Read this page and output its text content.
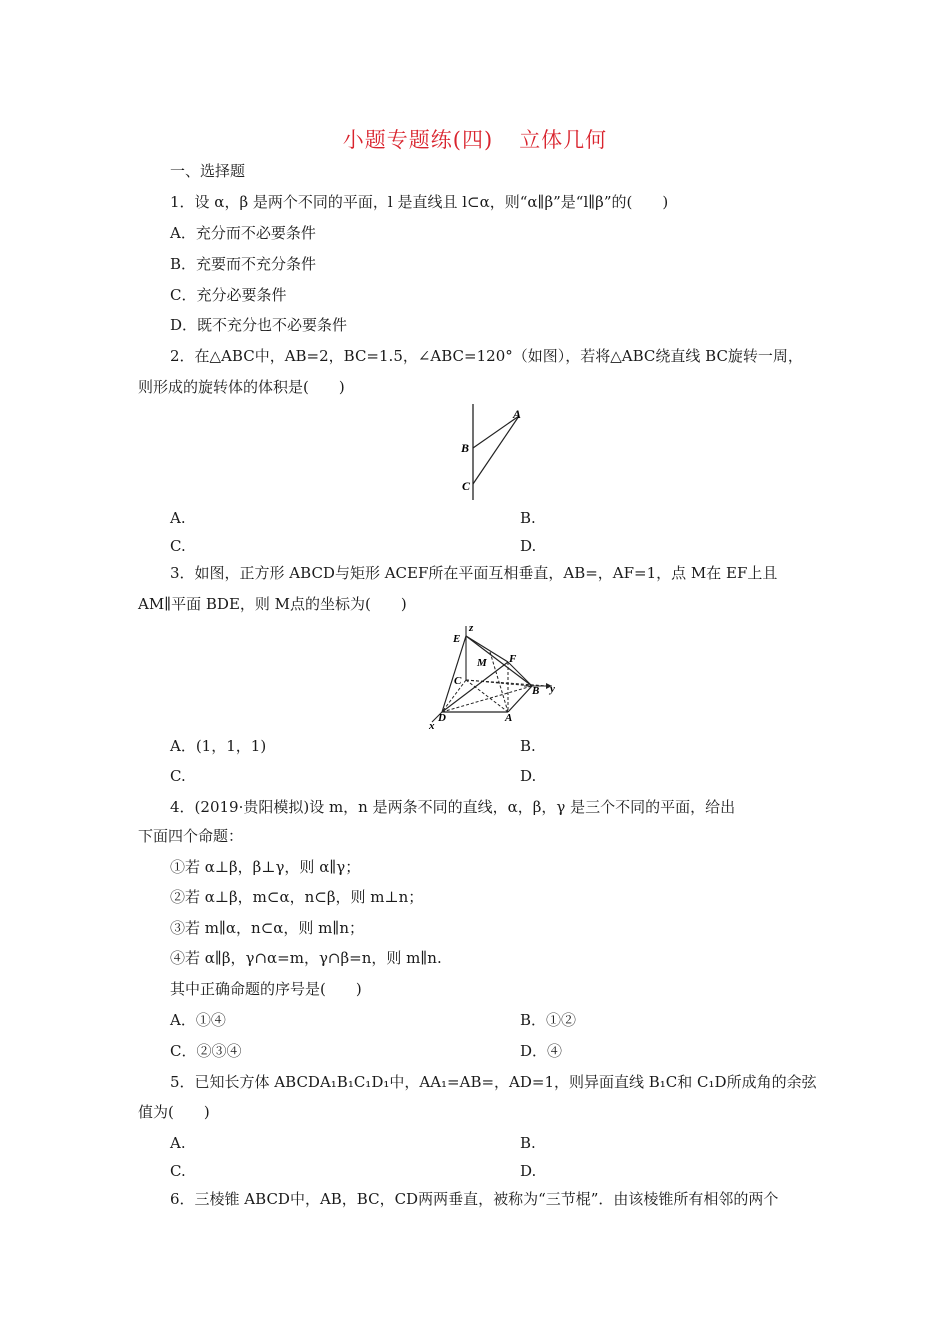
小题专题练(四) 立体几何
一、选择题
1．设 α，β 是两个不同的平面，l 是直线且 l⊂α，则“α∥β”是“l∥β”的(　　)
A．充分而不必要条件
B．充要而不充分条件
C．充分必要条件
D．既不充分也不必要条件
2．在△ABC中，AB=2，BC=1.5，∠ABC=120°（如图），若将△ABC绕直线 BC旋转一周，
则形成的旋转体的体积是(　　)
A
B
C
A.	B.
C.	D.
3．如图，正方形 ABCD与矩形 ACEF所在平面互相垂直，AB=，AF=1，点 M在 EF上且
AM∥平面 BDE，则 M点的坐标为(　　)
E
z
M F
C
B y
D	A
x
A．(1，1，1)	B.
C.	D.
4．(2019·贵阳模拟)设 m，n 是两条不同的直线，α，β，γ 是三个不同的平面，给出
下面四个命题：
①若 α⊥β，β⊥γ，则 α∥γ；
②若 α⊥β，m⊂α，n⊂β，则 m⊥n；
③若 m∥α，n⊂α，则 m∥n；
④若 α∥β，γ∩α=m，γ∩β=n，则 m∥n.
其中正确命题的序号是(　　)
A．①④	B．①②
C．②③④	D．④
5．已知长方体 ABCDA₁B₁C₁D₁中，AA₁=AB=，AD=1，则异面直线 B₁C和 C₁D所成角的余弦
值为(　　)
A.	B.
C.	D.
6．三棱锥 ABCD中，AB，BC，CD两两垂直，被称为“三节棍”．由该棱锥所有相邻的两个
